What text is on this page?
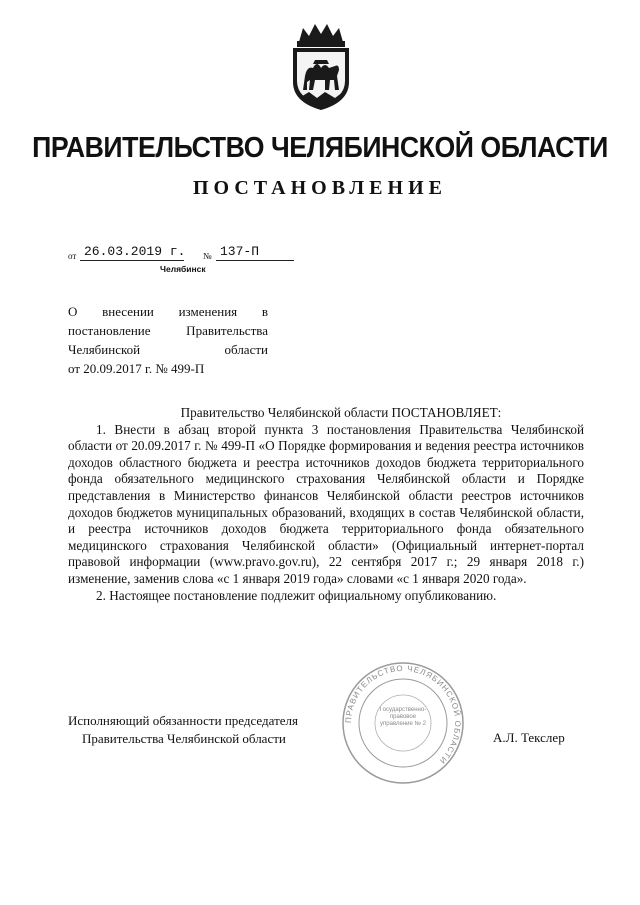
ПРАВИТЕЛЬСТВО ЧЕЛЯБИНСКОЙ ОБЛАСТИ
ПОСТАНОВЛЕНИЕ
от 26.03.2019 г. № 137-П
Челябинск
О внесении изменения в
постановление Правительства
Челябинской области
от 20.09.2017 г. № 499-П
Правительство Челябинской области ПОСТАНОВЛЯЕТ:
1. Внести в абзац второй пункта 3 постановления Правительства Челябинской области от 20.09.2017 г. № 499-П «О Порядке формирования и ведения реестра источников доходов областного бюджета и реестра источников доходов бюджета территориального фонда обязательного медицинского страхования Челябинской области и Порядке представления в Министерство финансов Челябинской области реестров источников доходов бюджетов муниципальных образований, входящих в состав Челябинской области, и реестра источников доходов бюджета территориального фонда обязательного медицинского страхования Челябинской области» (Официальный интернет-портал правовой информации (www.pravo.gov.ru), 22 сентября 2017 г.; 29 января 2018 г.) изменение, заменив слова «с 1 января 2019 года» словами «с 1 января 2020 года».
2. Настоящее постановление подлежит официальному опубликованию.
ПРАВИТЕЛЬСТВО ЧЕЛЯБИНСКОЙ ОБЛАСТИ
Государственно-правовое управление № 2
Исполняющий обязанности председателя
Правительства Челябинской области	А.Л. Текслер
